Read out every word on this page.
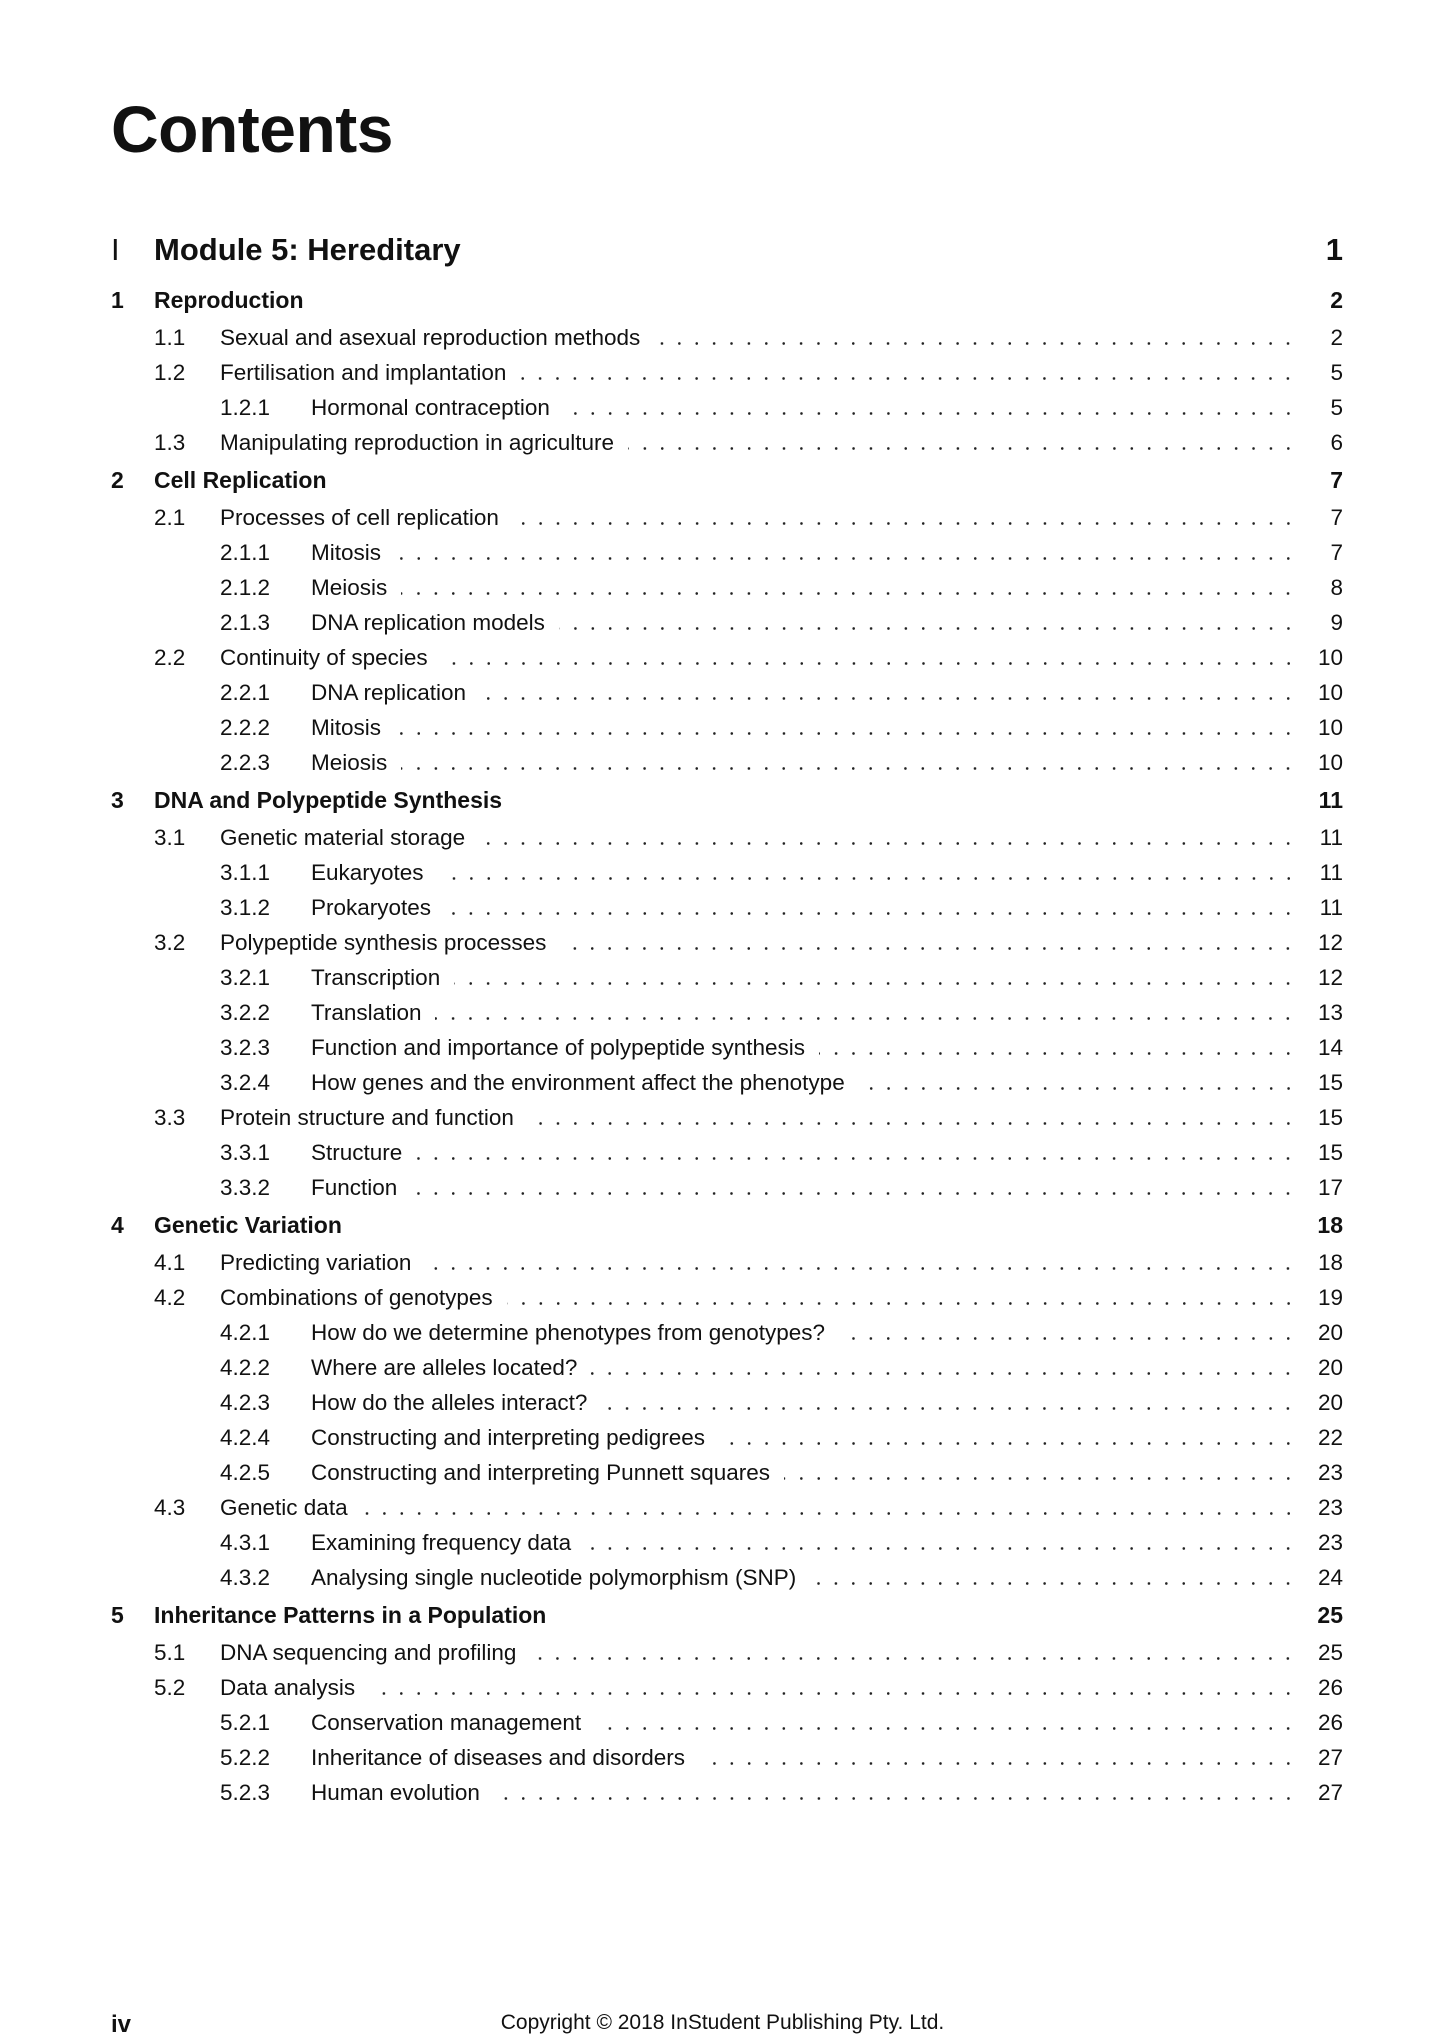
Contents
I	Module 5: Hereditary	1
1	Reproduction	2
1.1	Sexual and asexual reproduction methods	2
1.2	Fertilisation and implantation	5
1.2.1	Hormonal contraception	5
1.3	Manipulating reproduction in agriculture	6
2	Cell Replication	7
2.1	Processes of cell replication	7
2.1.1	Mitosis	7
2.1.2	Meiosis	8
2.1.3	DNA replication models	9
2.2	Continuity of species	10
2.2.1	DNA replication	10
2.2.2	Mitosis	10
2.2.3	Meiosis	10
3	DNA and Polypeptide Synthesis	11
3.1	Genetic material storage	11
3.1.1	Eukaryotes	11
3.1.2	Prokaryotes	11
3.2	Polypeptide synthesis processes	12
3.2.1	Transcription	12
3.2.2	Translation	13
3.2.3	Function and importance of polypeptide synthesis	14
3.2.4	How genes and the environment affect the phenotype	15
3.3	Protein structure and function	15
3.3.1	Structure	15
3.3.2	Function	17
4	Genetic Variation	18
4.1	Predicting variation	18
4.2	Combinations of genotypes	19
4.2.1	How do we determine phenotypes from genotypes?	20
4.2.2	Where are alleles located?	20
4.2.3	How do the alleles interact?	20
4.2.4	Constructing and interpreting pedigrees	22
4.2.5	Constructing and interpreting Punnett squares	23
4.3	Genetic data	23
4.3.1	Examining frequency data	23
4.3.2	Analysing single nucleotide polymorphism (SNP)	24
5	Inheritance Patterns in a Population	25
5.1	DNA sequencing and profiling	25
5.2	Data analysis	26
5.2.1	Conservation management	26
5.2.2	Inheritance of diseases and disorders	27
5.2.3	Human evolution	27

iv	Copyright © 2018 InStudent Publishing Pty. Ltd.
